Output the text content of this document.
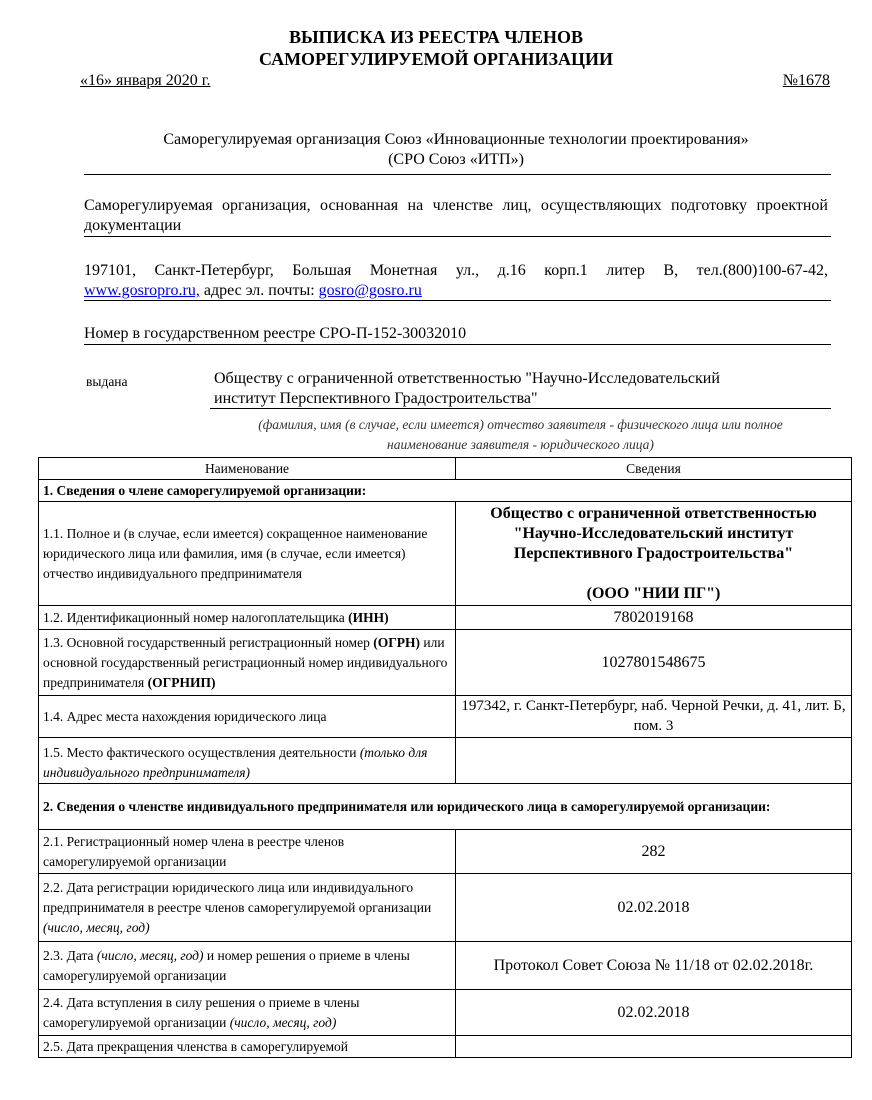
ВЫПИСКА ИЗ РЕЕСТРА ЧЛЕНОВ
САМОРЕГУЛИРУЕМОЙ ОРГАНИЗАЦИИ
«16» января 2020 г.	№1678
Саморегулируемая организация Союз «Инновационные технологии проектирования»
(СРО Союз «ИТП»)
Саморегулируемая организация, основанная на членстве лиц, осуществляющих подготовку проектной документации
197101, Санкт-Петербург, Большая Монетная ул., д.16 корп.1 литер В, тел.(800)100-67-42,
www.gosropro.ru, адрес эл. почты: gosro@gosro.ru
Номер в государственном реестре СРО-П-152-30032010
выдана	Обществу с ограниченной ответственностью "Научно-Исследовательский
институт Перспективного Градостроительства"
(фамилия, имя (в случае, если имеется) отчество заявителя - физического лица или полное
наименование заявителя - юридического лица)
Наименование	Сведения
1. Сведения о члене саморегулируемой организации:	
1.1. Полное и (в случае, если имеется) сокращенное наименование юридического лица или фамилия, имя (в случае, если имеется) отчество индивидуального предпринимателя	Общество с ограниченной ответственностью
"Научно-Исследовательский институт
Перспективного Градостроительства"
(ООО "НИИ ПГ")

1.2. Идентификационный номер налогоплательщика (ИНН)	7802019168
1.3. Основной государственный регистрационный номер (ОГРН) или основной государственный регистрационный номер индивидуального предпринимателя (ОГРНИП)	1027801548675
1.4. Адрес места нахождения юридического лица	197342, г. Санкт-Петербург, наб. Черной Речки, д. 41, лит. Б, пом. 3
1.5. Место фактического осуществления деятельности (только для индивидуального предпринимателя)	
2. Сведения о членстве индивидуального предпринимателя или юридического лица в саморегулируемой организации:	
2.1. Регистрационный номер члена в реестре членов саморегулируемой организации	282
2.2. Дата регистрации юридического лица или индивидуального предпринимателя в реестре членов саморегулируемой организации (число, месяц, год)	02.02.2018
2.3. Дата (число, месяц, год) и номер решения о приеме в члены саморегулируемой организации	Протокол Совет Союза № 11/18 от 02.02.2018г.
2.4. Дата вступления в силу решения о приеме в члены саморегулируемой организации (число, месяц, год)	02.02.2018
2.5. Дата прекращения членства в саморегулируемой	
